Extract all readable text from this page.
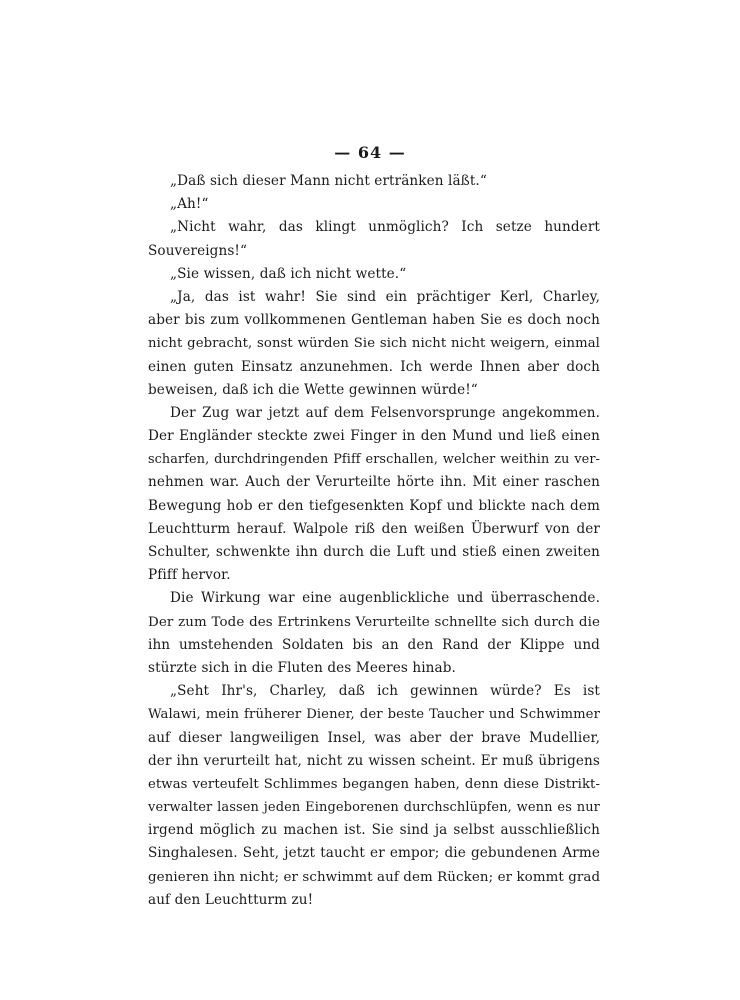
— 64 —
„Daß sich dieser Mann nicht ertränken läßt.“
„Ah!“
„Nicht wahr, das klingt unmöglich? Ich setze hundert
Souvereigns!“
„Sie wissen, daß ich nicht wette.“
„Ja, das ist wahr! Sie sind ein prächtiger Kerl, Charley,
aber bis zum vollkommenen Gentleman haben Sie es doch noch
nicht gebracht, sonst würden Sie sich nicht nicht weigern, einmal
einen guten Einsatz anzunehmen. Ich werde Ihnen aber doch
beweisen, daß ich die Wette gewinnen würde!“
Der Zug war jetzt auf dem Felsenvorsprunge angekommen.
Der Engländer steckte zwei Finger in den Mund und ließ einen
scharfen, durchdringenden Pfiff erschallen, welcher weithin zu ver-
nehmen war. Auch der Verurteilte hörte ihn. Mit einer raschen
Bewegung hob er den tiefgesenkten Kopf und blickte nach dem
Leuchtturm herauf. Walpole riß den weißen Überwurf von der
Schulter, schwenkte ihn durch die Luft und stieß einen zweiten
Pfiff hervor.
Die Wirkung war eine augenblickliche und überraschende.
Der zum Tode des Ertrinkens Verurteilte schnellte sich durch die
ihn umstehenden Soldaten bis an den Rand der Klippe und
stürzte sich in die Fluten des Meeres hinab.
„Seht Ihr's, Charley, daß ich gewinnen würde? Es ist
Walawi, mein früherer Diener, der beste Taucher und Schwimmer
auf dieser langweiligen Insel, was aber der brave Mudellier,
der ihn verurteilt hat, nicht zu wissen scheint. Er muß übrigens
etwas verteufelt Schlimmes begangen haben, denn diese Distrikt-
verwalter lassen jeden Eingeborenen durchschlüpfen, wenn es nur
irgend möglich zu machen ist. Sie sind ja selbst ausschließlich
Singhalesen. Seht, jetzt taucht er empor; die gebundenen Arme
genieren ihn nicht; er schwimmt auf dem Rücken; er kommt grad
auf den Leuchtturm zu!
